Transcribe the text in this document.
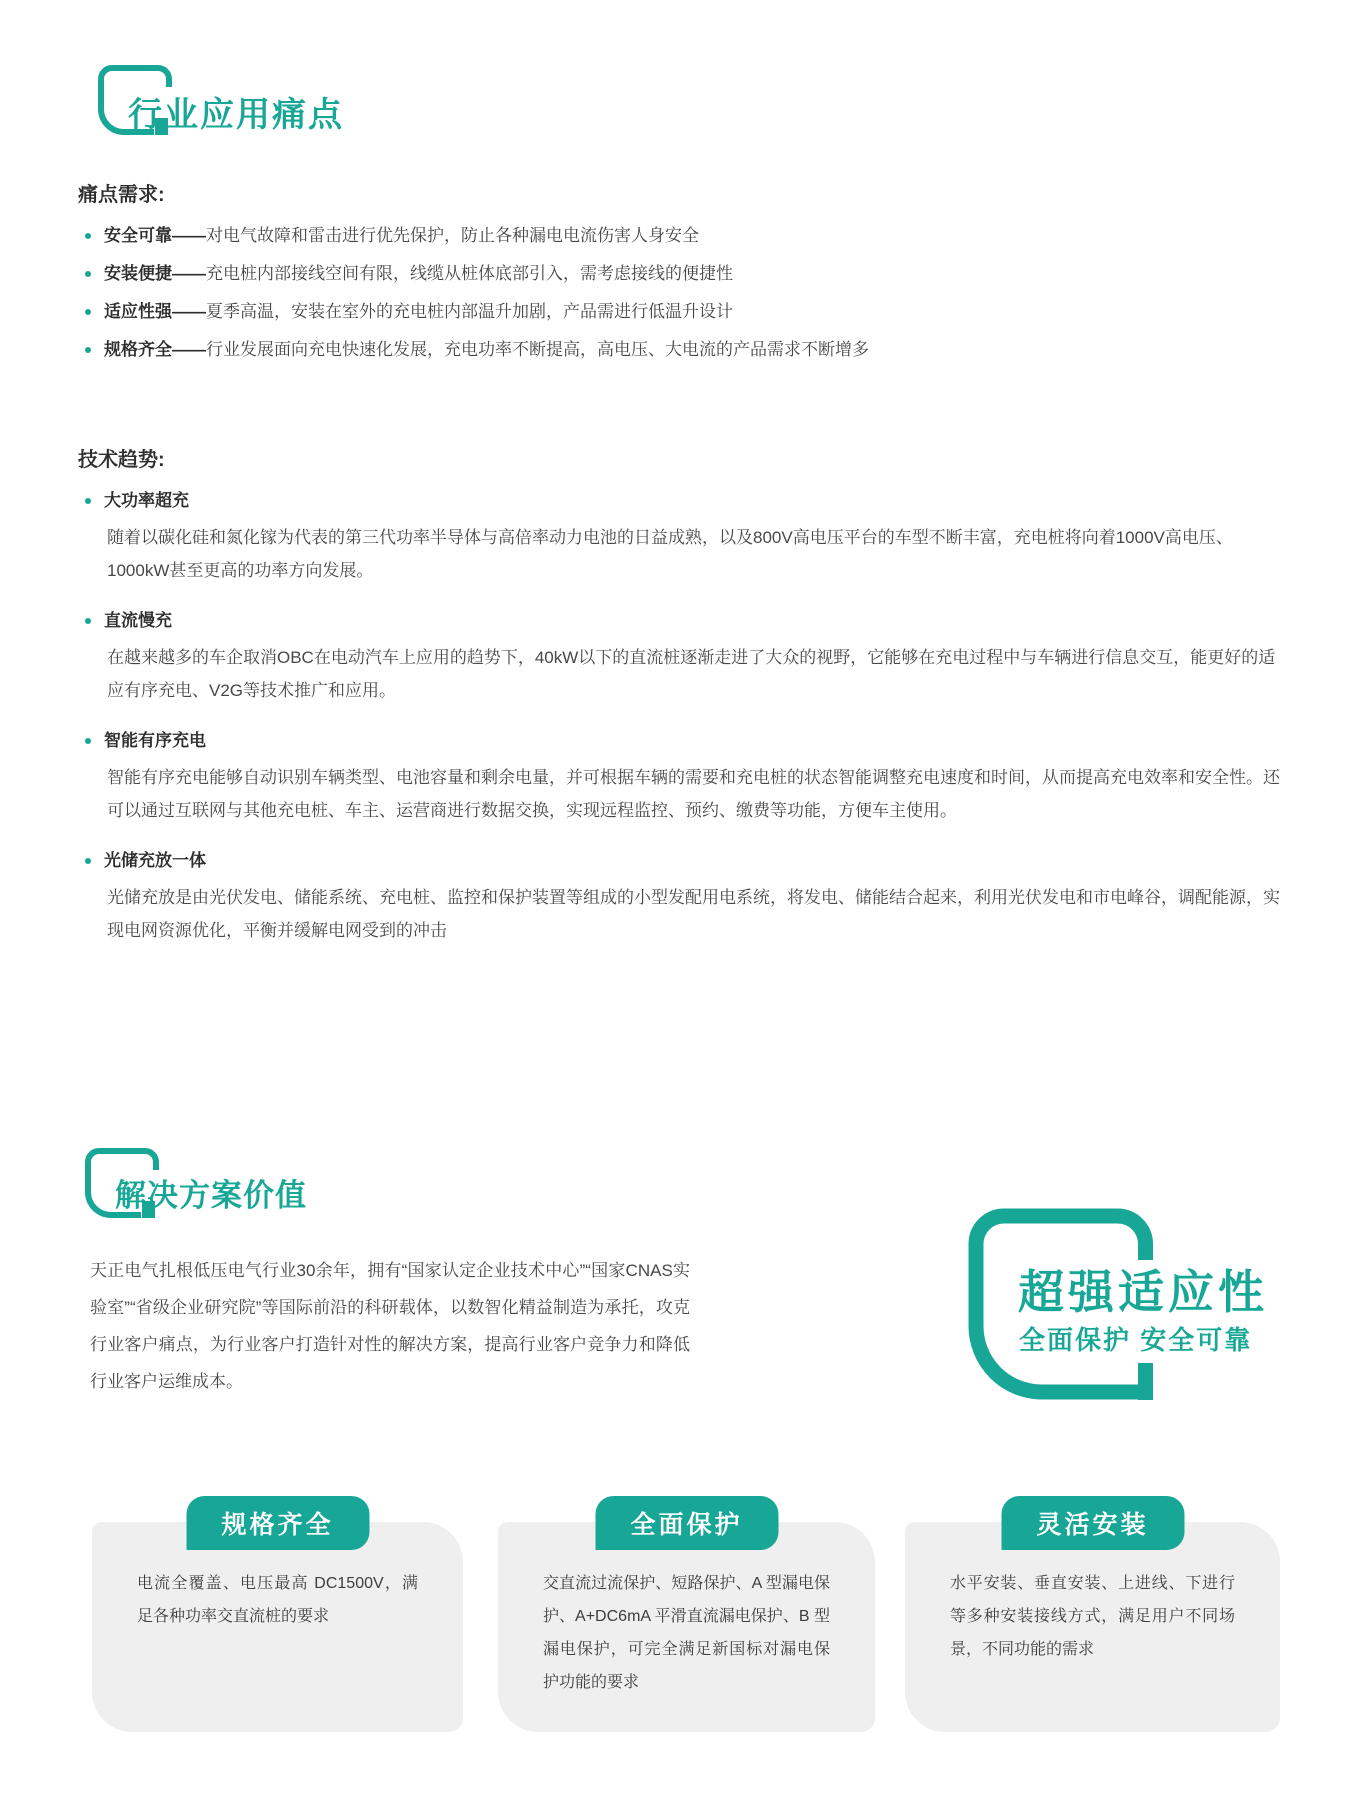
行业应用痛点
痛点需求:
安全可靠——对电气故障和雷击进行优先保护，防止各种漏电电流伤害人身安全
安装便捷——充电桩内部接线空间有限，线缆从桩体底部引入，需考虑接线的便捷性
适应性强——夏季高温，安装在室外的充电桩内部温升加剧，产品需进行低温升设计
规格齐全——行业发展面向充电快速化发展，充电功率不断提高，高电压、大电流的产品需求不断增多
技术趋势:
大功率超充
随着以碳化硅和氮化镓为代表的第三代功率半导体与高倍率动力电池的日益成熟，以及800V高电压平台的车型不断丰富，充电桩将向着1000V高电压、1000kW甚至更高的功率方向发展。
直流慢充
在越来越多的车企取消OBC在电动汽车上应用的趋势下，40kW以下的直流桩逐渐走进了大众的视野，它能够在充电过程中与车辆进行信息交互，能更好的适应有序充电、V2G等技术推广和应用。
智能有序充电
智能有序充电能够自动识别车辆类型、电池容量和剩余电量，并可根据车辆的需要和充电桩的状态智能调整充电速度和时间，从而提高充电效率和安全性。还可以通过互联网与其他充电桩、车主、运营商进行数据交换，实现远程监控、预约、缴费等功能，方便车主使用。
光储充放一体
光储充放是由光伏发电、储能系统、充电桩、监控和保护装置等组成的小型发配用电系统，将发电、储能结合起来，利用光伏发电和市电峰谷，调配能源，实现电网资源优化，平衡并缓解电网受到的冲击
解决方案价值
天正电气扎根低压电气行业30余年，拥有“国家认定企业技术中心”“国家CNAS实验室”“省级企业研究院”等国际前沿的科研载体，以数智化精益制造为承托，攻克行业客户痛点，为行业客户打造针对性的解决方案，提高行业客户竞争力和降低行业客户运维成本。
超强适应性
全面保护 安全可靠
规格齐全
电流全覆盖、电压最高 DC1500V，满足各种功率交直流桩的要求
全面保护
交直流过流保护、短路保护、A 型漏电保护、A+DC6mA 平滑直流漏电保护、B 型漏电保护，可完全满足新国标对漏电保护功能的要求
灵活安装
水平安装、垂直安装、上进线、下进行等多种安装接线方式，满足用户不同场景，不同功能的需求
